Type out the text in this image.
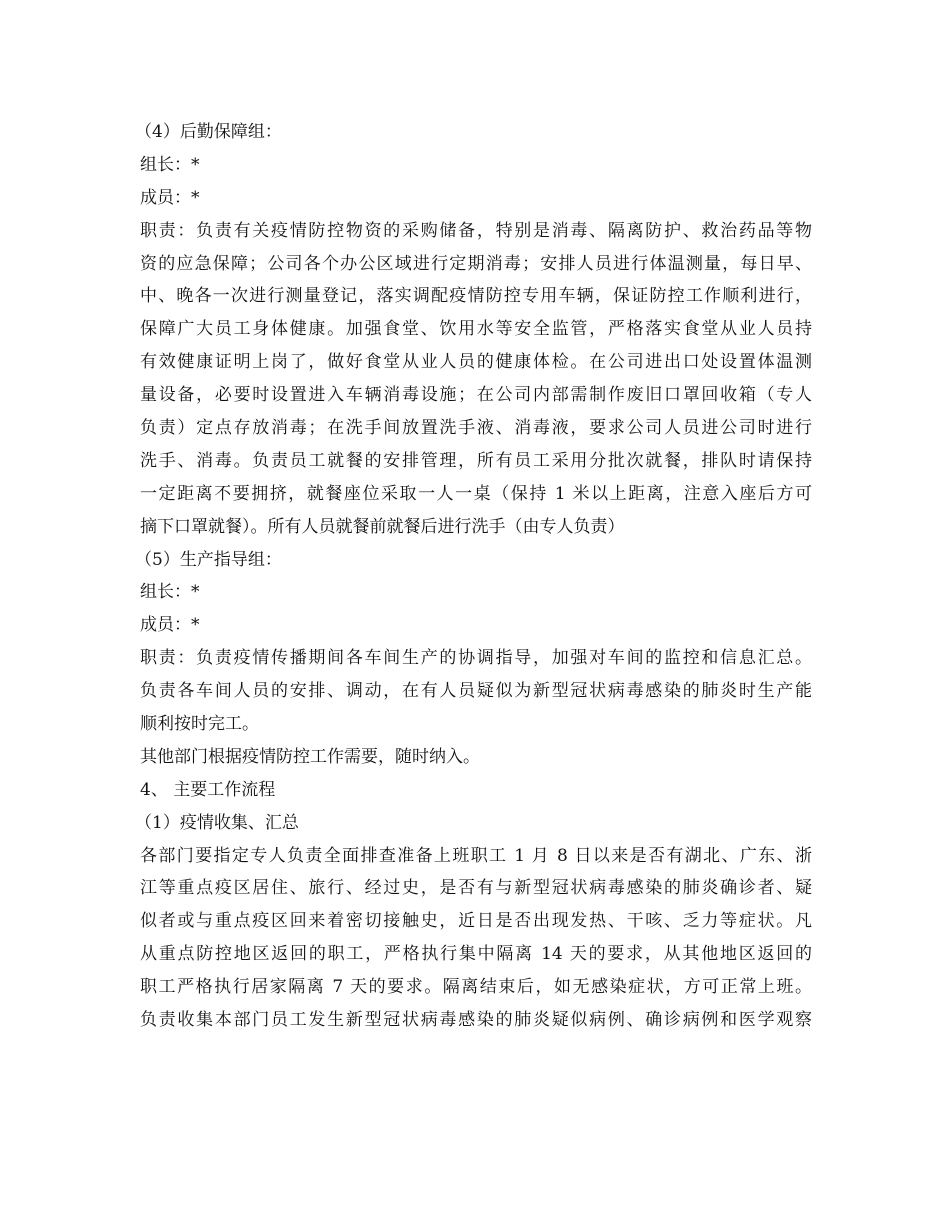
（4）后勤保障组：
组长：*
成员：*
职责：负责有关疫情防控物资的采购储备，特别是消毒、隔离防护、救治药品等物
资的应急保障；公司各个办公区域进行定期消毒；安排人员进行体温测量，每日早、
中、晚各一次进行测量登记，落实调配疫情防控专用车辆，保证防控工作顺利进行，
保障广大员工身体健康。加强食堂、饮用水等安全监管，严格落实食堂从业人员持
有效健康证明上岗了，做好食堂从业人员的健康体检。在公司进出口处设置体温测
量设备，必要时设置进入车辆消毒设施；在公司内部需制作废旧口罩回收箱（专人
负责）定点存放消毒；在洗手间放置洗手液、消毒液，要求公司人员进公司时进行
洗手、消毒。负责员工就餐的安排管理，所有员工采用分批次就餐，排队时请保持
一定距离不要拥挤，就餐座位采取一人一桌（保持 1 米以上距离，注意入座后方可
摘下口罩就餐）。所有人员就餐前就餐后进行洗手（由专人负责）
（5）生产指导组：
组长：*
成员：*
职责：负责疫情传播期间各车间生产的协调指导，加强对车间的监控和信息汇总。
负责各车间人员的安排、调动，在有人员疑似为新型冠状病毒感染的肺炎时生产能
顺利按时完工。
其他部门根据疫情防控工作需要，随时纳入。
4、 主要工作流程
（1）疫情收集、汇总
各部门要指定专人负责全面排查准备上班职工 1 月 8 日以来是否有湖北、广东、浙
江等重点疫区居住、旅行、经过史，是否有与新型冠状病毒感染的肺炎确诊者、疑
似者或与重点疫区回来着密切接触史，近日是否出现发热、干咳、乏力等症状。凡
从重点防控地区返回的职工，严格执行集中隔离 14 天的要求，从其他地区返回的
职工严格执行居家隔离 7 天的要求。隔离结束后，如无感染症状，方可正常上班。
负责收集本部门员工发生新型冠状病毒感染的肺炎疑似病例、确诊病例和医学观察
